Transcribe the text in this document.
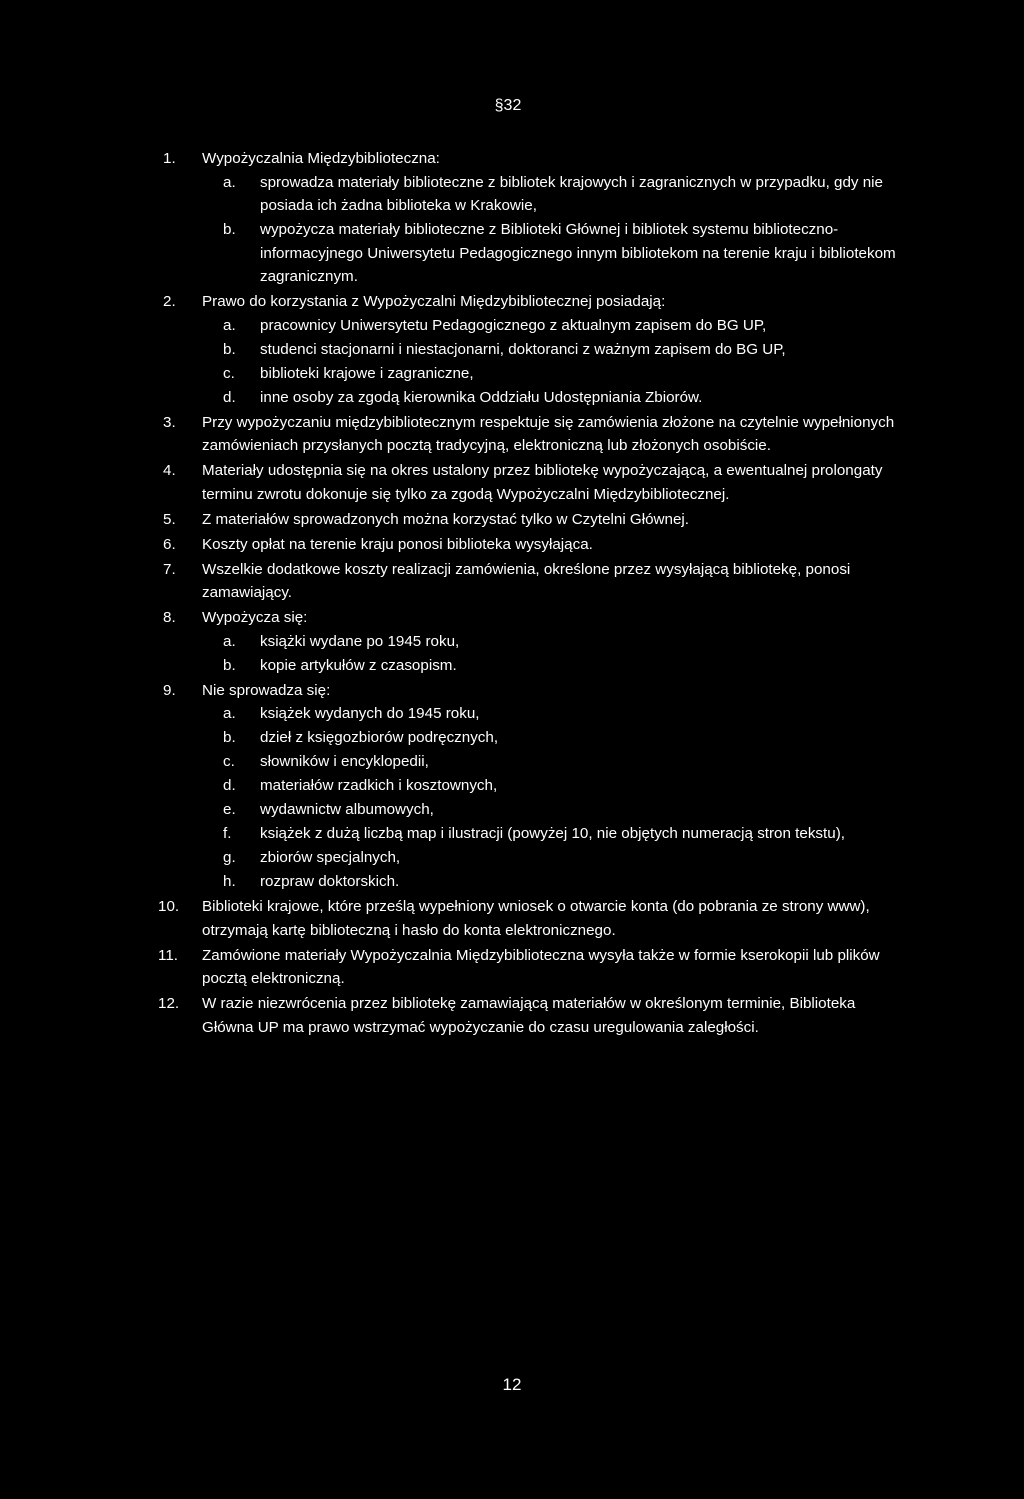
§32
1.	Wypożyczalnia Międzybiblioteczna:
a. sprowadza materiały biblioteczne z bibliotek krajowych i zagranicznych w przypadku, gdy nie posiada ich żadna biblioteka w Krakowie,
b. wypożycza materiały biblioteczne z Biblioteki Głównej i bibliotek systemu biblioteczno-informacyjnego Uniwersytetu Pedagogicznego innym bibliotekom na terenie kraju i bibliotekom zagranicznym.
2.	Prawo do korzystania z Wypożyczalni Międzybibliotecznej posiadają:
a. pracownicy Uniwersytetu Pedagogicznego z aktualnym zapisem do BG UP,
b. studenci stacjonarni i niestacjonarni, doktoranci z ważnym zapisem do BG UP,
c. biblioteki krajowe i zagraniczne,
d. inne osoby za zgodą kierownika Oddziału Udostępniania Zbiorów.
3.	Przy wypożyczaniu międzybibliotecznym respektuje się zamówienia złożone na czytelnie wypełnionych zamówieniach przysłanych pocztą tradycyjną, elektroniczną lub złożonych osobiście.
4.	Materiały udostępnia się na okres ustalony przez bibliotekę wypożyczającą, a ewentualnej prolongaty terminu zwrotu dokonuje się tylko za zgodą Wypożyczalni Międzybibliotecznej.
5.	Z materiałów sprowadzonych można korzystać tylko w Czytelni Głównej.
6.	Koszty opłat na terenie kraju ponosi biblioteka wysyłająca.
7.	Wszelkie dodatkowe koszty realizacji zamówienia, określone przez wysyłającą bibliotekę, ponosi zamawiający.
8.	Wypożycza się:
a. książki wydane po 1945 roku,
b. kopie artykułów z czasopism.
9.	Nie sprowadza się:
a. książek wydanych do 1945 roku,
b. dzieł z księgozbiorów podręcznych,
c. słowników i encyklopedii,
d. materiałów rzadkich i kosztownych,
e. wydawnictw albumowych,
f. książek z dużą liczbą map i ilustracji (powyżej 10, nie objętych numeracją stron tekstu),
g. zbiorów specjalnych,
h. rozpraw doktorskich.
10.	Biblioteki krajowe, które prześlą wypełniony wniosek o otwarcie konta (do pobrania ze strony www), otrzymają kartę biblioteczną i hasło do konta elektronicznego.
11.	Zamówione materiały Wypożyczalnia Międzybiblioteczna wysyła także w formie kserokopii lub plików pocztą elektroniczną.
12.	W razie niezwrócenia przez bibliotekę zamawiającą materiałów w określonym terminie, Biblioteka Główna UP ma prawo wstrzymać wypożyczanie do czasu uregulowania zaległości.
12
